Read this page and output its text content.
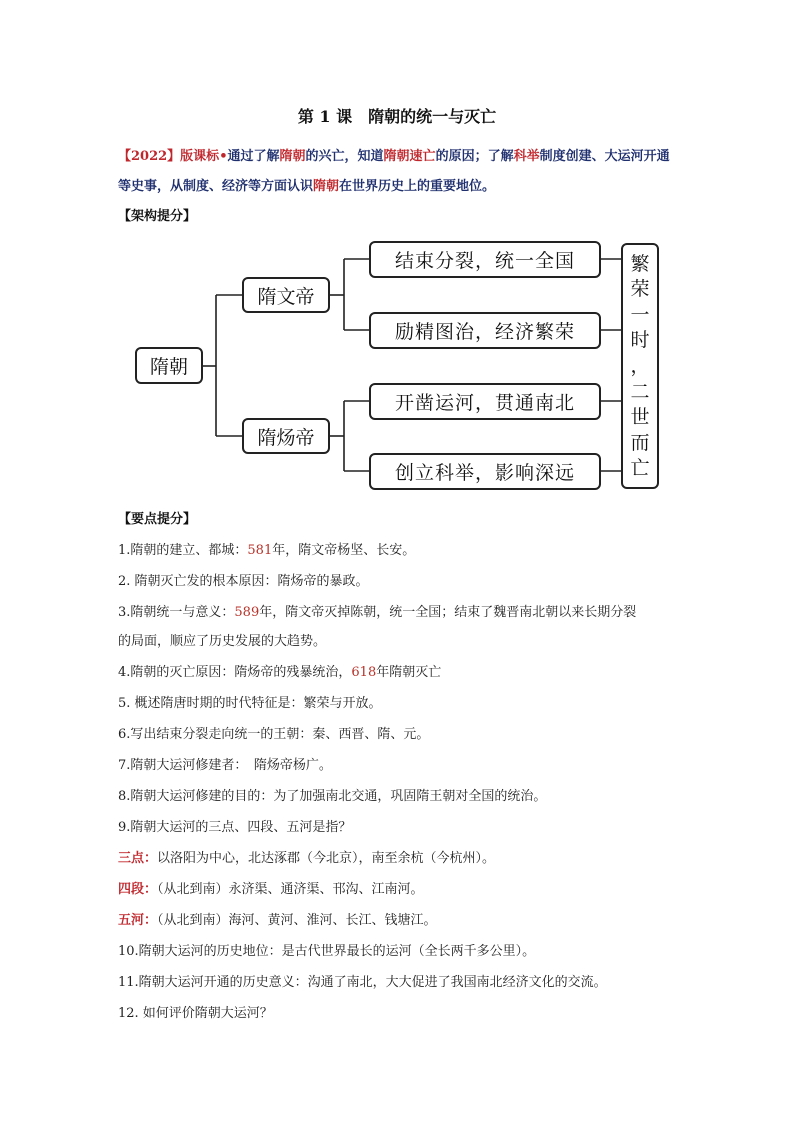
第 1 课　隋朝的统一与灭亡
【2022】版课标•通过了解隋朝的兴亡，知道隋朝速亡的原因；了解科举制度创建、大运河开通等史事，从制度、经济等方面认识隋朝在世界历史上的重要地位。
【架构提分】
隋朝
隋文帝
隋炀帝
结束分裂，统一全国
励精图治，经济繁荣
开凿运河，贯通南北
创立科举，影响深远
繁
荣
一
时
，
二
世
而
亡
【要点提分】
1.隋朝的建立、都城：581年，隋文帝杨坚、长安。
2. 隋朝灭亡发的根本原因：隋炀帝的暴政。
3.隋朝统一与意义：589年，隋文帝灭掉陈朝，统一全国；结束了魏晋南北朝以来长期分裂
的局面，顺应了历史发展的大趋势。
4.隋朝的灭亡原因：隋炀帝的残暴统治，618年隋朝灭亡
5. 概述隋唐时期的时代特征是：繁荣与开放。
6.写出结束分裂走向统一的王朝：秦、西晋、隋、元。
7.隋朝大运河修建者：　隋炀帝杨广。
8.隋朝大运河修建的目的：为了加强南北交通，巩固隋王朝对全国的统治。
9.隋朝大运河的三点、四段、五河是指？
三点：以洛阳为中心，北达涿郡（今北京），南至余杭（今杭州）。
四段：（从北到南）永济渠、通济渠、邗沟、江南河。
五河：（从北到南）海河、黄河、淮河、长江、钱塘江。
10.隋朝大运河的历史地位：是古代世界最长的运河（全长两千多公里）。
11.隋朝大运河开通的历史意义：沟通了南北，大大促进了我国南北经济文化的交流。
12. 如何评价隋朝大运河？
